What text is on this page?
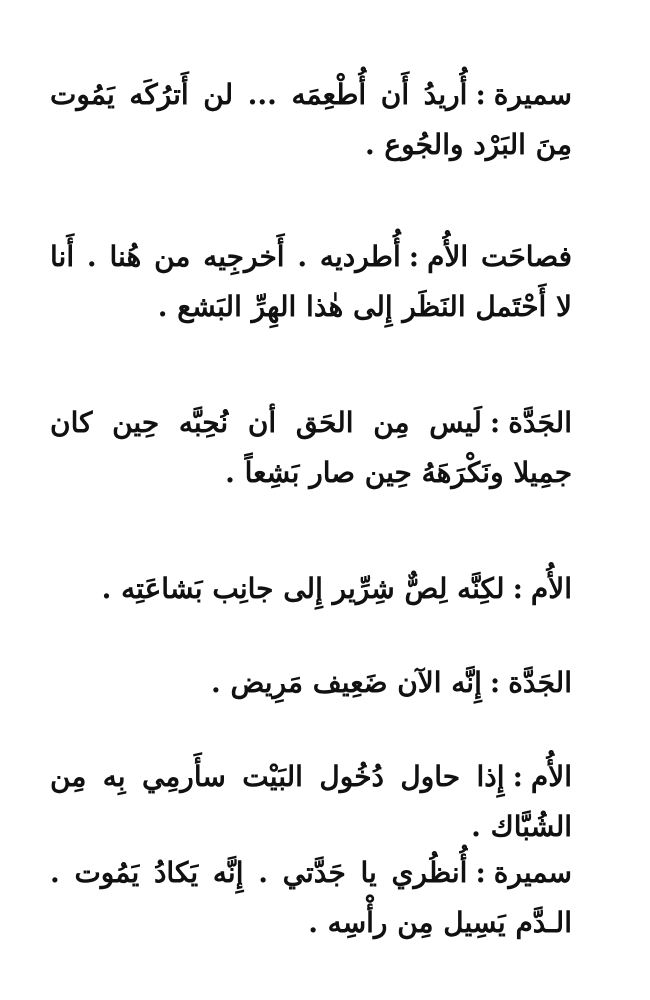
سميرة:أُريدُ أَن أُطْعِمَه ... لن أَترُكَه يَمُوت مِنَ البَرْد والجُوع .

فصاحَت الأُم:أُطرديه . أَخرجِيه من هُنا . أَنا لا أَحْتَمل النَظَر إِلى هٰذا الهِرِّ البَشع .

الجَدَّة:لَيس مِن الحَق أن نُحِبَّه حِين كان جمِيلا ونَكْرَهَهُ حِين صار بَشِعاً .

الأُم:لكِنَّه لِصٌّ شِرِّير إِلى جانِب بَشاعَتِه .

الجَدَّة:إِنَّه الآن ضَعِيف مَرِيض .

الأُم:إِذا حاول دُخُول البَيْت سأَرمِي بِه مِن الشُبَّاك .

سميرة:أُنظُري يا جَدَّتي . إِنَّه يَكادُ يَمُوت . الـدَّم يَسِيل مِن رأْسِه .
